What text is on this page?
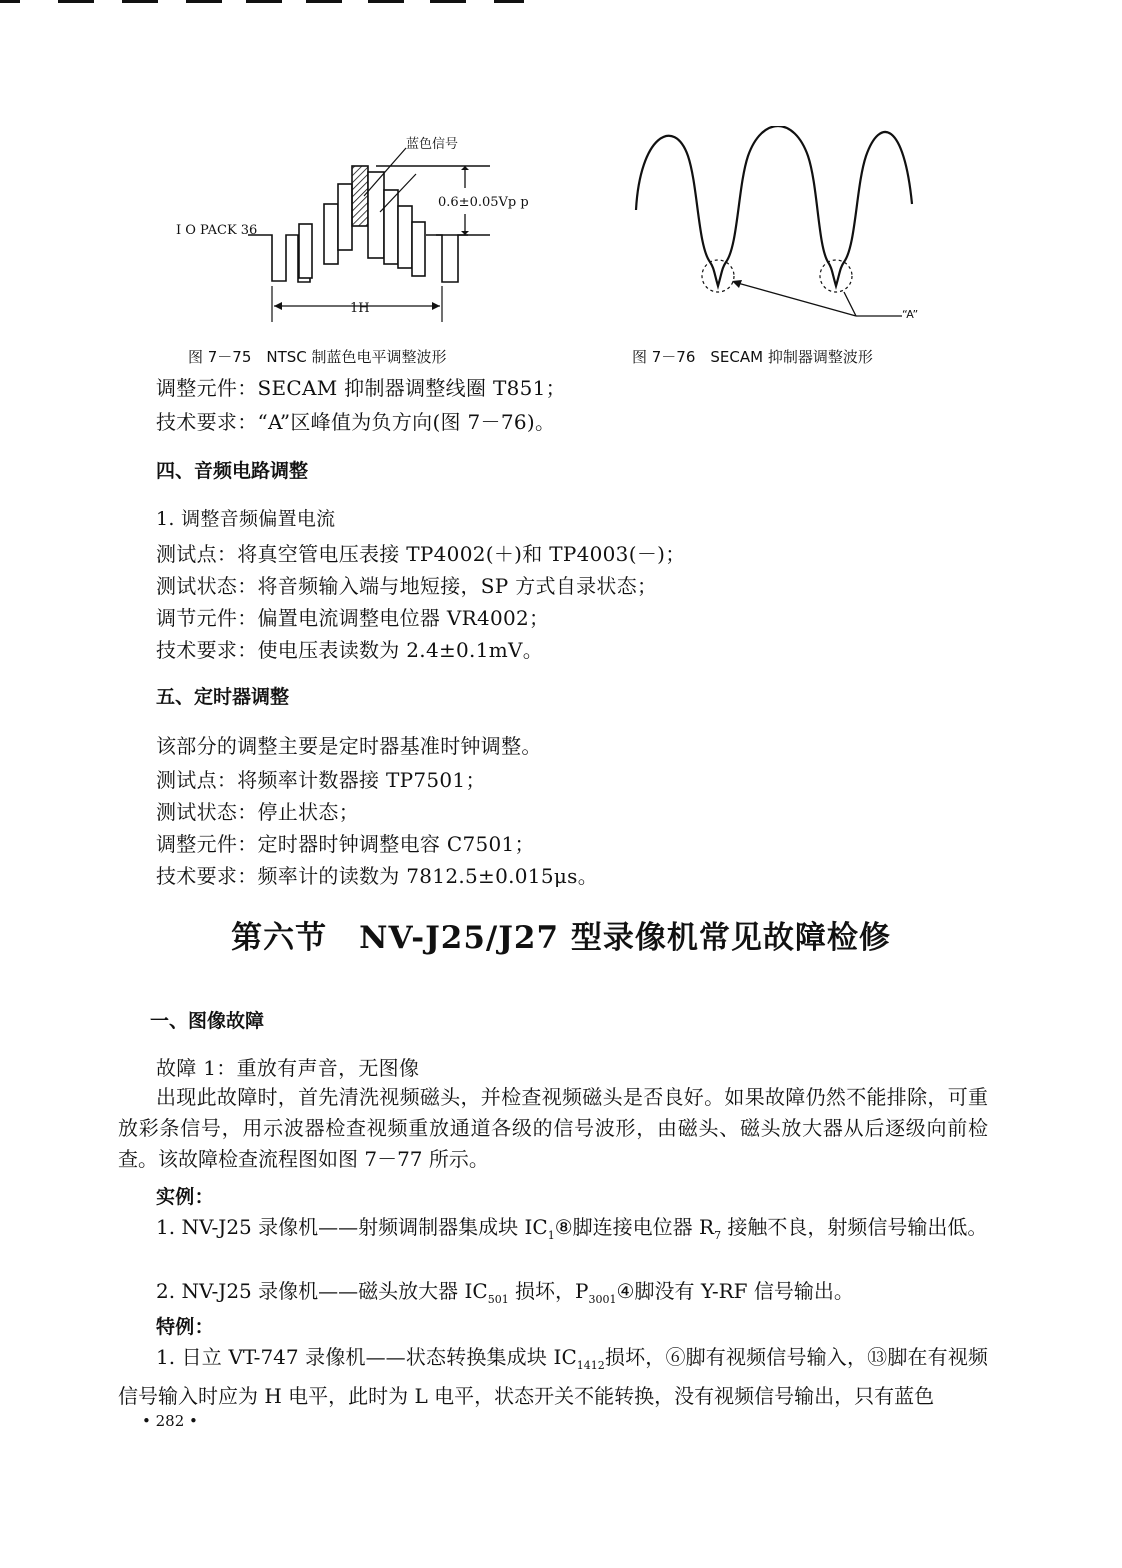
蓝色信号
0.6±0.05Vp p
I O PACK 36
1H
图 7－75　NTSC 制蓝色电平调整波形
“A”
图 7－76　SECAM 抑制器调整波形
调整元件：SECAM 抑制器调整线圈 T851；
技术要求：“A”区峰值为负方向(图 7－76)。
四、音频电路调整
1. 调整音频偏置电流
测试点：将真空管电压表接 TP4002(＋)和 TP4003(－)；
测试状态：将音频输入端与地短接，SP 方式自录状态；
调节元件：偏置电流调整电位器 VR4002；
技术要求：使电压表读数为 2.4±0.1mV。
五、定时器调整
该部分的调整主要是定时器基准时钟调整。
测试点：将频率计数器接 TP7501；
测试状态：停止状态；
调整元件：定时器时钟调整电容 C7501；
技术要求：频率计的读数为 7812.5±0.015μs。
第六节　NV-J25/J27 型录像机常见故障检修
一、图像故障
故障 1：重放有声音，无图像

出现此故障时，首先清洗视频磁头，并检查视频磁头是否良好。如果故障仍然不能排除，可重放彩条信号，用示波器检查视频重放通道各级的信号波形，由磁头、磁头放大器从后逐级向前检查。该故障检查流程图如图 7－77 所示。

实例：

1. NV-J25 录像机——射频调制器集成块 $IC_1⑧$脚连接电位器 $R_7$ 接触不良，射频信号输出低。

2. NV-J25 录像机——磁头放大器 $IC_{501}$ 损坏，$P_{3001}④$脚没有 Y-RF 信号输出。

特例：

1. 日立 VT-747 录像机——状态转换集成块 $IC_{1412}$损坏，⑥脚有视频信号输入，⑬脚在有视频信号输入时应为 H 电平，此时为 L 电平，状态开关不能转换，没有视频信号输出，只有蓝色

• 282 •
